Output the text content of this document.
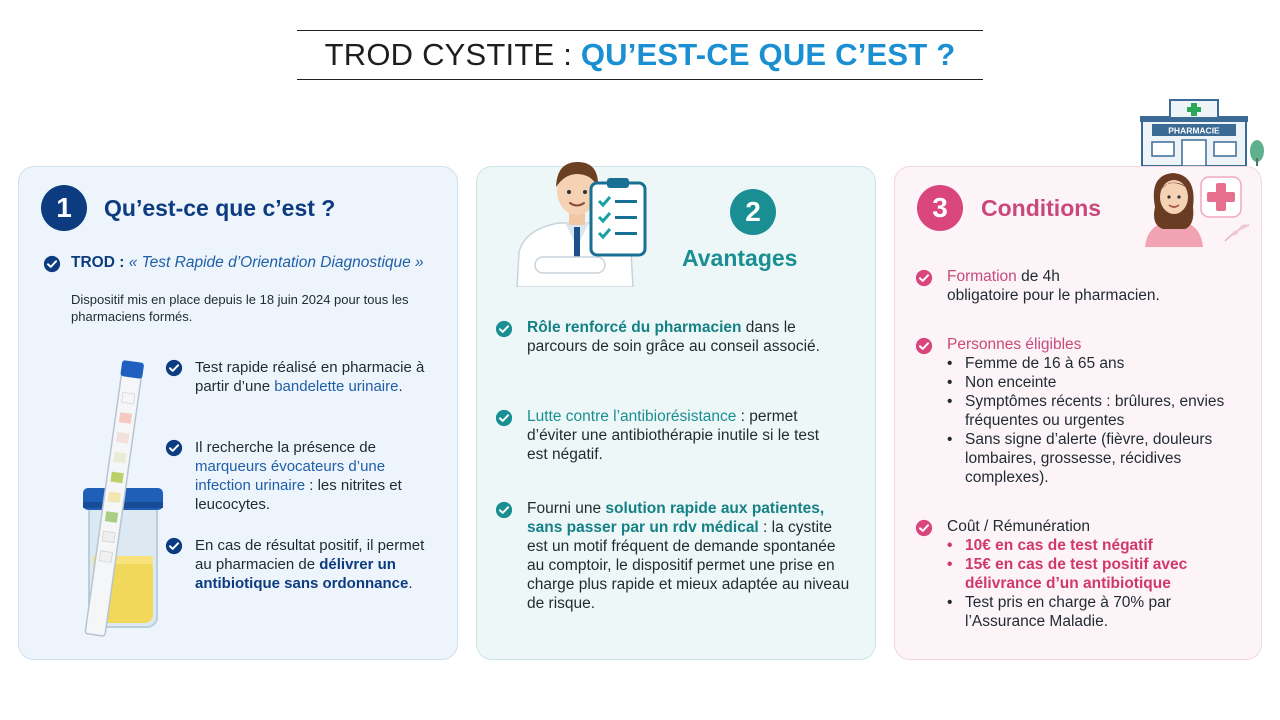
TROD CYSTITE : QU’EST-CE QUE C’EST ?
1	Qu’est-ce que c’est ?
TROD : « Test Rapide d’Orientation Diagnostique »
Dispositif mis en place depuis le 18 juin 2024 pour tous les pharmaciens formés.
Test rapide réalisé en pharmacie à partir d’une bandelette urinaire.
Il recherche la présence de marqueurs évocateurs d’une infection urinaire : les nitrites et leucocytes.
En cas de résultat positif, il permet au pharmacien de délivrer un antibiotique sans ordonnance.
2
Avantages
Rôle renforcé du pharmacien dans le parcours de soin grâce au conseil associé.
Lutte contre l’antibiorésistance : permet d’éviter une antibiothérapie inutile si le test est négatif.
Fourni une solution rapide aux patientes, sans passer par un rdv médical : la cystite est un motif fréquent de demande spontanée au comptoir, le dispositif permet une prise en charge plus rapide et mieux adaptée au niveau de risque.
PHARMACIE
3	Conditions
Formation de 4h
obligatoire pour le pharmacien.
Personnes éligibles
• Femme de 16 à 65 ans
• Non enceinte
• Symptômes récents : brûlures, envies fréquentes ou urgentes
• Sans signe d’alerte (fièvre, douleurs lombaires, grossesse, récidives complexes).
Coût / Rémunération
• 10€ en cas de test négatif
• 15€ en cas de test positif avec délivrance d’un antibiotique
• Test pris en charge à 70% par l’Assurance Maladie.
